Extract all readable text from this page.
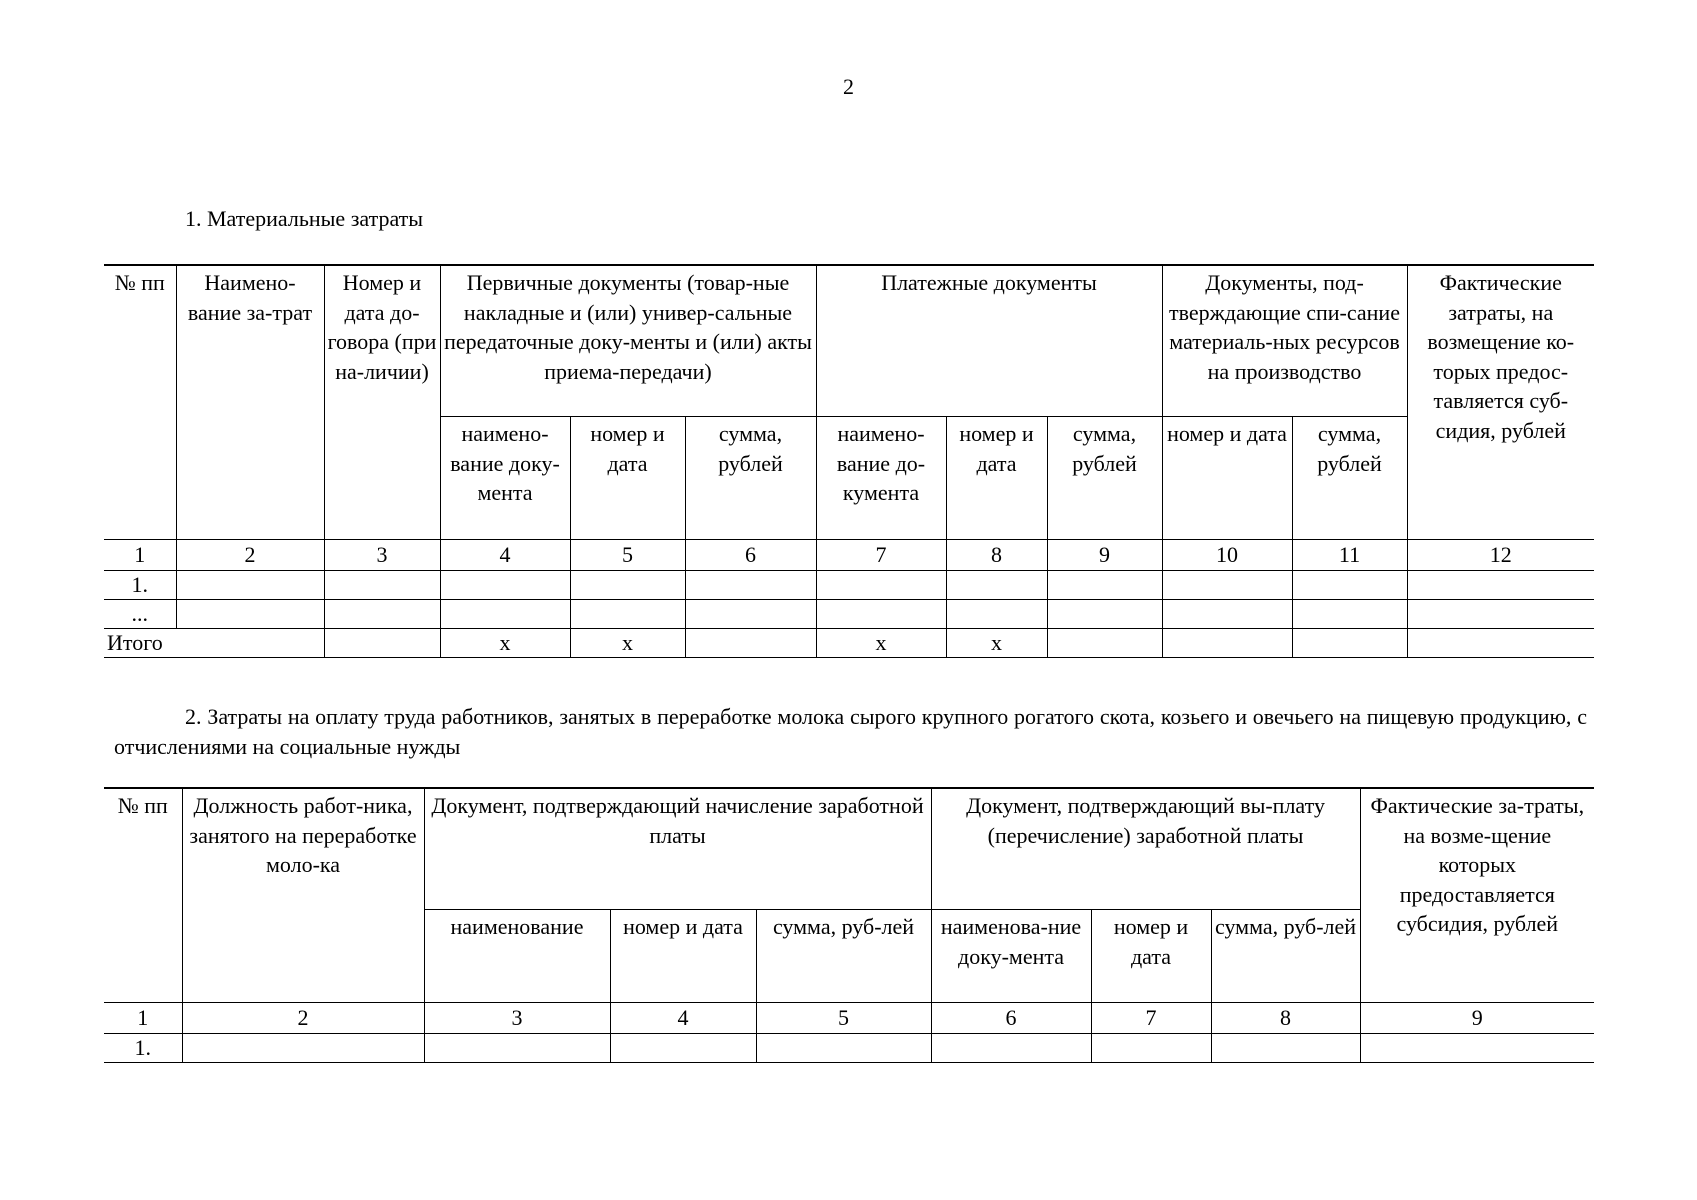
2
1. Материальные затраты
№ пп	Наимено-вание за-трат	Номер и дата до-говора (при на-личии)	Первичные документы (товар-ные накладные и (или) универ-сальные передаточные доку-менты и (или) акты приема-передачи)			Платежные документы			Документы, под-тверждающие спи-сание материаль-ных ресурсов на производство		Фактические затраты, на возмещение ко-торых предос-тавляется суб-сидия, рублей
			наимено-вание доку-мента	номер и дата	сумма, рублей	наимено-вание до-кумента	номер и дата	сумма, рублей	номер и дата	сумма, рублей	
1	2	3	4	5	6	7	8	9	10	11	12
1.											
...											
Итого			x	x		x	x				
2. Затраты на оплату труда работников, занятых в переработке молока сырого крупного рогатого скота, козьего и овечьего на пищевую продукцию, с отчислениями на социальные нужды
№ пп	Должность работ-ника, занятого на переработке моло-ка	Документ, подтверждающий начисление заработной платы			Документ, подтверждающий вы-плату (перечисление) заработной платы			Фактические за-траты, на возме-щение которых предоставляется субсидия, рублей
		наименование	номер и дата	сумма, руб-лей	наименова-ние доку-мента	номер и дата	сумма, руб-лей	
1	2	3	4	5	6	7	8	9
1.								
